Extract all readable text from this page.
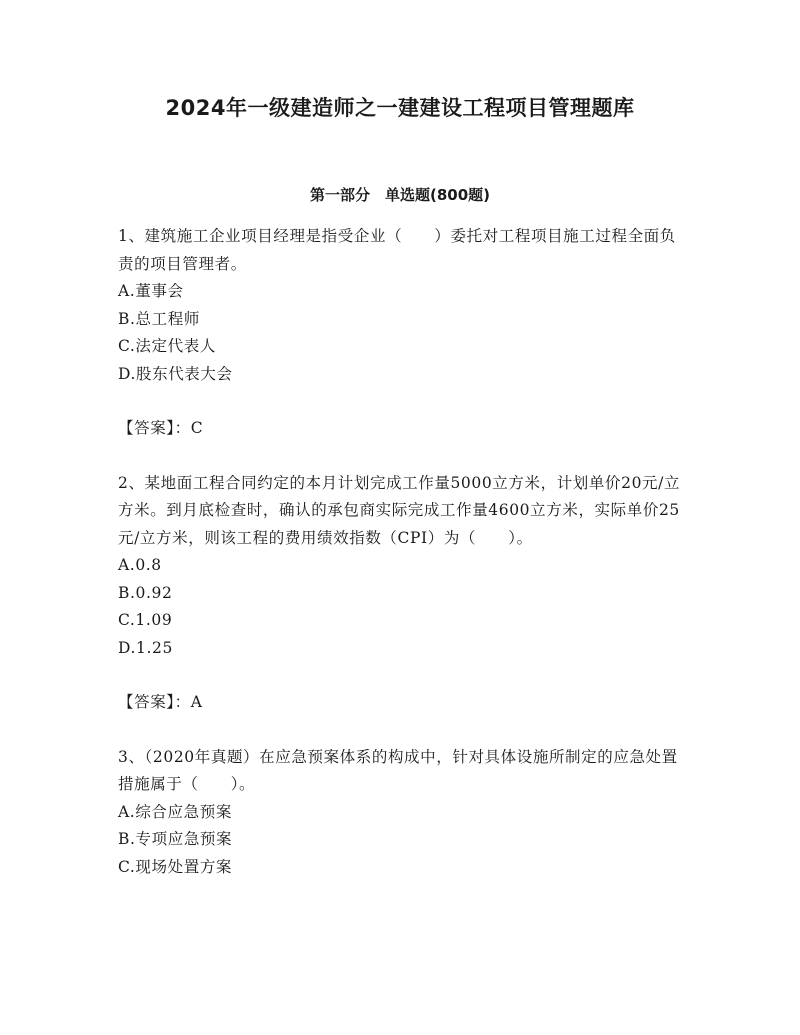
2024年一级建造师之一建建设工程项目管理题库
第一部分　单选题(800题)

1、建筑施工企业项目经理是指受企业（　　）委托对工程项目施工过程全面负责的项目管理者。

A.董事会

B.总工程师

C.法定代表人

D.股东代表大会

【答案】：C

2、某地面工程合同约定的本月计划完成工作量5000立方米，计划单价20元/立方米。到月底检查时，确认的承包商实际完成工作量4600立方米，实际单价25元/立方米，则该工程的费用绩效指数（CPI）为（　　）。

A.0.8

B.0.92

C.1.09

D.1.25

【答案】：A

3、（2020年真题）在应急预案体系的构成中，针对具体设施所制定的应急处置措施属于（　　）。

A.综合应急预案

B.专项应急预案

C.现场处置方案
